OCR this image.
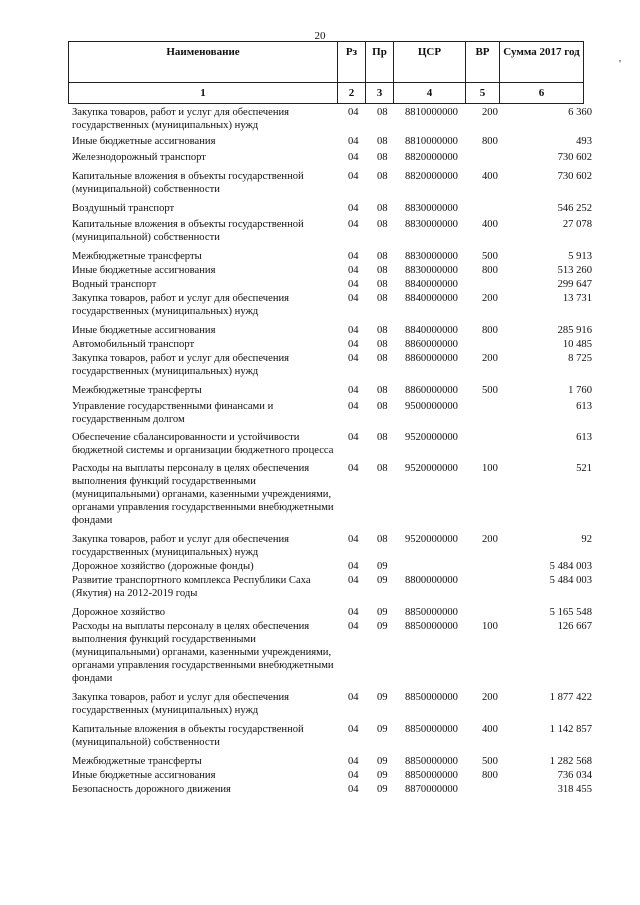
20
'
Наименование	Рз	Пр	ЦСР	ВР	Сумма 2017 год
1	2	3	4	5	6
Закупка товаров, работ и услуг для обеспечения государственных (муниципальных) нужд
04 08 8810000000 200	6 360
Иные бюджетные ассигнования	04 08 8810000000 800	493
Железнодорожный транспорт	04 08 8820000000	730 602
Капитальные вложения в объекты государственной (муниципальной) собственности
04 08 8820000000 400	730 602
Воздушный транспорт	04 08 8830000000	546 252
Капитальные вложения в объекты государственной (муниципальной) собственности
04 08 8830000000 400	27 078
Межбюджетные трансферты	04 08 8830000000 500	5 913
Иные бюджетные ассигнования	04 08 8830000000 800	513 260
Водный транспорт	04 08 8840000000	299 647
Закупка товаров, работ и услуг для обеспечения государственных (муниципальных) нужд
04 08 8840000000 200	13 731
Иные бюджетные ассигнования	04 08 8840000000 800	285 916
Автомобильный транспорт	04 08 8860000000	10 485
Закупка товаров, работ и услуг для обеспечения государственных (муниципальных) нужд
04 08 8860000000 200	8 725
Межбюджетные трансферты	04 08 8860000000 500	1 760
Управление государственными финансами и государственным долгом
04 08 9500000000	613
Обеспечение сбалансированности и устойчивости бюджетной системы и организации бюджетного процесса
04 08 9520000000	613
Расходы на выплаты персоналу в целях обеспечения выполнения функций государственными (муниципальными) органами, казенными учреждениями, органами управления государственными внебюджетными фондами
04 08 9520000000 100	521
Закупка товаров, работ и услуг для обеспечения государственных (муниципальных) нужд
04 08 9520000000 200	92
Дорожное хозяйство (дорожные фонды)	04 09	5 484 003
Развитие транспортного комплекса Республики Саха (Якутия) на 2012-2019 годы
04 09 8800000000	5 484 003
Дорожное хозяйство	04 09 8850000000	5 165 548
Расходы на выплаты персоналу в целях обеспечения выполнения функций государственными (муниципальными) органами, казенными учреждениями, органами управления государственными внебюджетными фондами
04 09 8850000000 100	126 667
Закупка товаров, работ и услуг для обеспечения государственных (муниципальных) нужд
04 09 8850000000 200	1 877 422
Капитальные вложения в объекты государственной (муниципальной) собственности
04 09 8850000000 400	1 142 857
Межбюджетные трансферты	04 09 8850000000 500	1 282 568
Иные бюджетные ассигнования	04 09 8850000000 800	736 034
Безопасность дорожного движения	04 09 8870000000	318 455
